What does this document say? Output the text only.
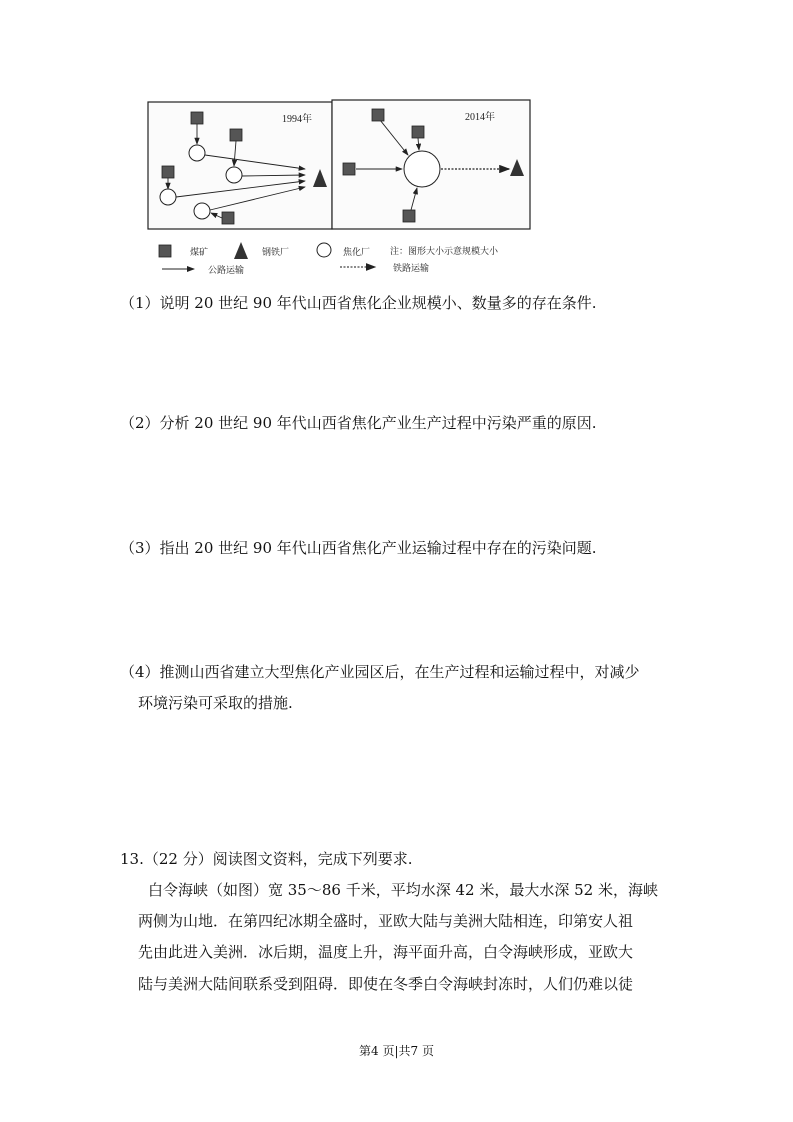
1994年	2014年
煤矿	钢铁厂	焦化厂 注：图形大小示意规模大小
公路运输	铁路运输
（1）说明 20 世纪 90 年代山西省焦化企业规模小、数量多的存在条件.
（2）分析 20 世纪 90 年代山西省焦化产业生产过程中污染严重的原因.
（3）指出 20 世纪 90 年代山西省焦化产业运输过程中存在的污染问题.
（4）推测山西省建立大型焦化产业园区后，在生产过程和运输过程中，对减少
环境污染可采取的措施.
13.（22 分）阅读图文资料，完成下列要求.
白令海峡（如图）宽 35～86 千米，平均水深 42 米，最大水深 52 米，海峡
两侧为山地．在第四纪冰期全盛时，亚欧大陆与美洲大陆相连，印第安人祖
先由此进入美洲．冰后期，温度上升，海平面升高，白令海峡形成，亚欧大
陆与美洲大陆间联系受到阻碍．即使在冬季白令海峡封冻时，人们仍难以徒
第4 页|共7 页
